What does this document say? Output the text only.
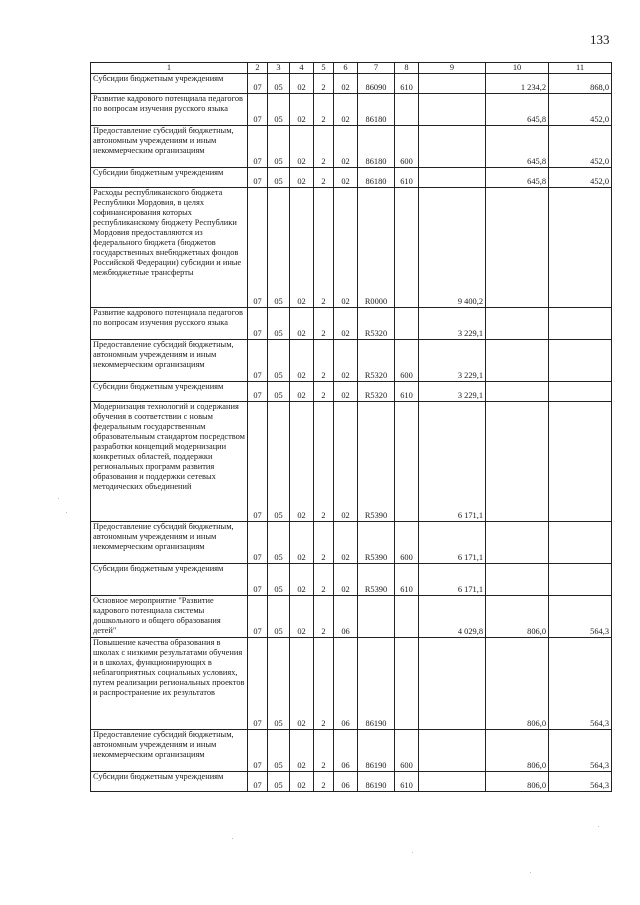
133
1	2	3	4	5	6	7	8	9	10	11
Субсидии бюджетным учреждениям	07	05	02	2	02	86090	610		1 234,2	868,0
Развитие кадрового потенциала педагогов по вопросам изучения русского языка	07	05	02	2	02	86180			645,8	452,0
Предоставление субсидий бюджетным, автономным учреждениям и иным некоммерческим организациям	07	05	02	2	02	86180	600		645,8	452,0
Субсидии бюджетным учреждениям	07	05	02	2	02	86180	610		645,8	452,0
Расходы республиканского бюджета Республики Мордовия, в целях софинансирования которых республиканскому бюджету Республики Мордовия предоставляются из федерального бюджета (бюджетов государственных внебюджетных фондов Российской Федерации) субсидии и иные межбюджетные трансферты	07	05	02	2	02	R0000		9 400,2		
Развитие кадрового потенциала педагогов по вопросам изучения русского языка	07	05	02	2	02	R5320		3 229,1		
Предоставление субсидий бюджетным, автономным учреждениям и иным некоммерческим организациям	07	05	02	2	02	R5320	600	3 229,1		
Субсидии бюджетным учреждениям	07	05	02	2	02	R5320	610	3 229,1		
Модернизация технологий и содержания обучения в соответствии с новым федеральным государственным образовательным стандартом посредством разработки концепций модернизации конкретных областей, поддержки региональных программ развития образования и поддержки сетевых методических объединений	07	05	02	2	02	R5390		6 171,1		
Предоставление субсидий бюджетным, автономным учреждениям и иным некоммерческим организациям	07	05	02	2	02	R5390	600	6 171,1		
Субсидии бюджетным учреждениям	07	05	02	2	02	R5390	610	6 171,1		
Основное мероприятие "Развитие кадрового потенциала системы дошкольного и общего образования детей"	07	05	02	2	06			4 029,8	806,0	564,3
Повышение качества образования в школах с низкими результатами обучения и в школах, функционирующих в неблагоприятных социальных условиях, путем реализации региональных проектов и распространение их результатов	07	05	02	2	06	86190			806,0	564,3
Предоставление субсидий бюджетным, автономным учреждениям и иным некоммерческим организациям	07	05	02	2	06	86190	600		806,0	564,3
Субсидии бюджетным учреждениям	07	05	02	2	06	86190	610		806,0	564,3
